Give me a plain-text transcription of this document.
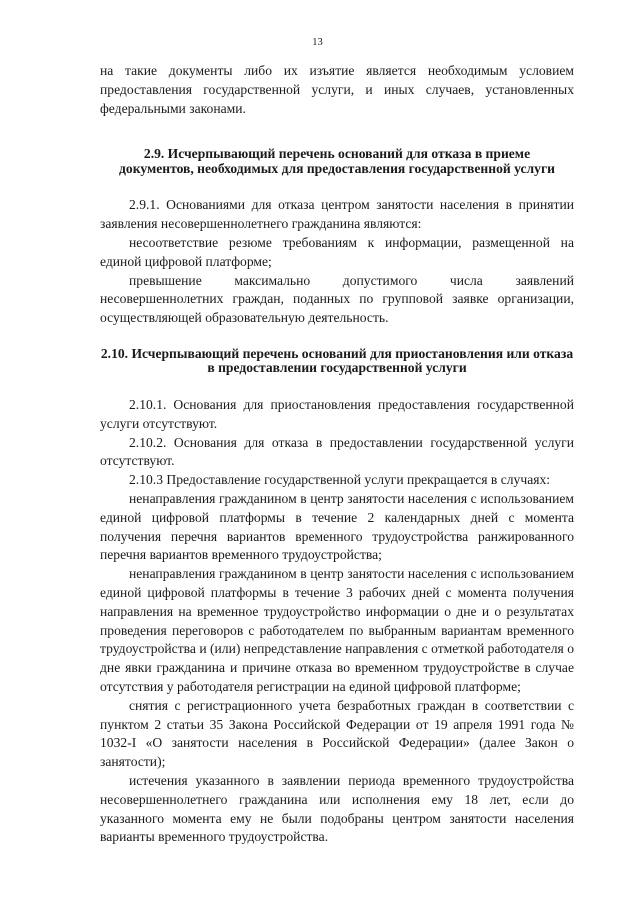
13
на такие документы либо их изъятие является необходимым условием предоставления государственной услуги, и иных случаев, установленных федеральными законами.
2.9. Исчерпывающий перечень оснований для отказа в приеме документов, необходимых для предоставления государственной услуги
2.9.1. Основаниями для отказа центром занятости населения в принятии заявления несовершеннолетнего гражданина являются:
несоответствие резюме требованиям к информации, размещенной на единой цифровой платформе;
превышение максимально допустимого числа заявлений несовершеннолетних граждан, поданных по групповой заявке организации, осуществляющей образовательную деятельность.
2.10. Исчерпывающий перечень оснований для приостановления или отказа в предоставлении государственной услуги
2.10.1. Основания для приостановления предоставления государственной услуги отсутствуют.
2.10.2. Основания для отказа в предоставлении государственной услуги отсутствуют.
2.10.3 Предоставление государственной услуги прекращается в случаях:
ненаправления гражданином в центр занятости населения с использованием единой цифровой платформы в течение 2 календарных дней с момента получения перечня вариантов временного трудоустройства ранжированного перечня вариантов временного трудоустройства;
ненаправления гражданином в центр занятости населения с использованием единой цифровой платформы в течение 3 рабочих дней с момента получения направления на временное трудоустройство информации о дне и о результатах проведения переговоров с работодателем по выбранным вариантам временного трудоустройства и (или) непредставление направления с отметкой работодателя о дне явки гражданина и причине отказа во временном трудоустройстве в случае отсутствия у работодателя регистрации на единой цифровой платформе;
снятия с регистрационного учета безработных граждан в соответствии с пунктом 2 статьи 35 Закона Российской Федерации от 19 апреля 1991 года № 1032-I «О занятости населения в Российской Федерации» (далее Закон о занятости);
истечения указанного в заявлении периода временного трудоустройства несовершеннолетнего гражданина или исполнения ему 18 лет, если до указанного момента ему не были подобраны центром занятости населения варианты временного трудоустройства.
